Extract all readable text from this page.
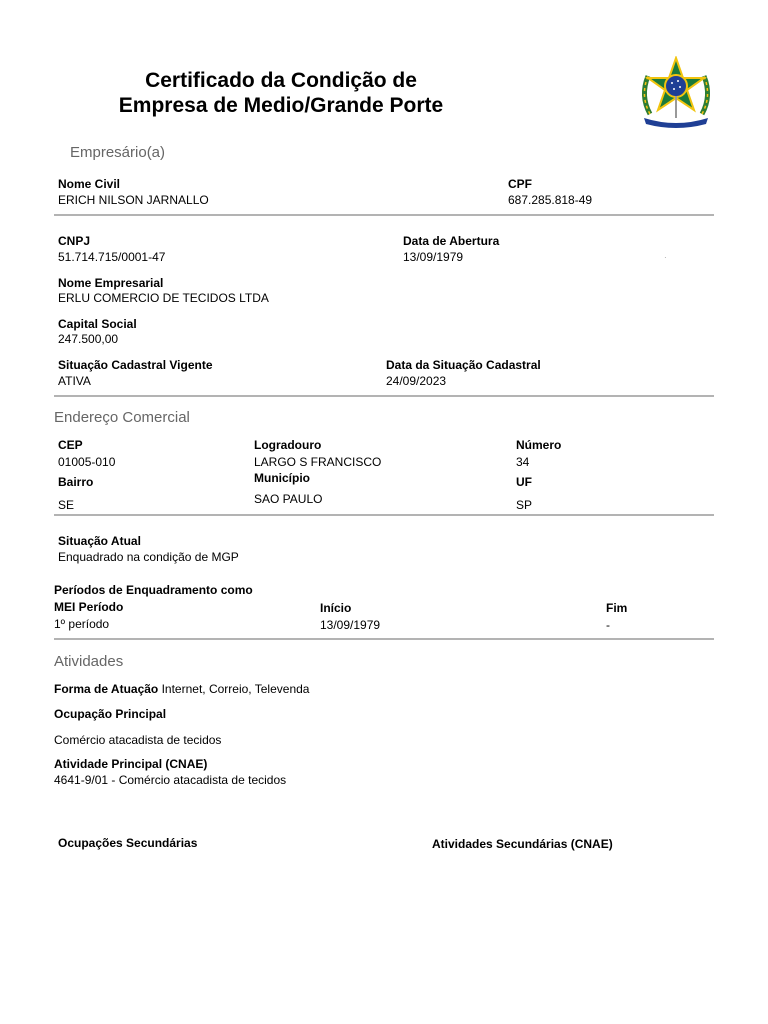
Certificado da Condição de
Empresa de Medio/Grande Porte
Empresário(a)
Nome Civil
ERICH NILSON JARNALLO
CPF
687.285.818-49
CNPJ
51.714.715/0001-47
Data de Abertura
13/09/1979	·
Nome Empresarial
ERLU COMERCIO DE TECIDOS LTDA
Capital Social
247.500,00
Situação Cadastral Vigente
ATIVA
Data da Situação Cadastral
24/09/2023
Endereço Comercial
CEP
01005-010
Logradouro
LARGO S FRANCISCO
Número
34
Bairro
SE
Município
SAO PAULO
UF
SP
Situação Atual
Enquadrado na condição de MGP
Períodos de Enquadramento como
MEI Período	Início	Fim
1º período	13/09/1979	-
Atividades
Forma de Atuação Internet, Correio, Televenda
Ocupação Principal
Comércio atacadista de tecidos
Atividade Principal (CNAE)
4641-9/01 - Comércio atacadista de tecidos
Ocupações Secundárias	Atividades Secundárias (CNAE)
